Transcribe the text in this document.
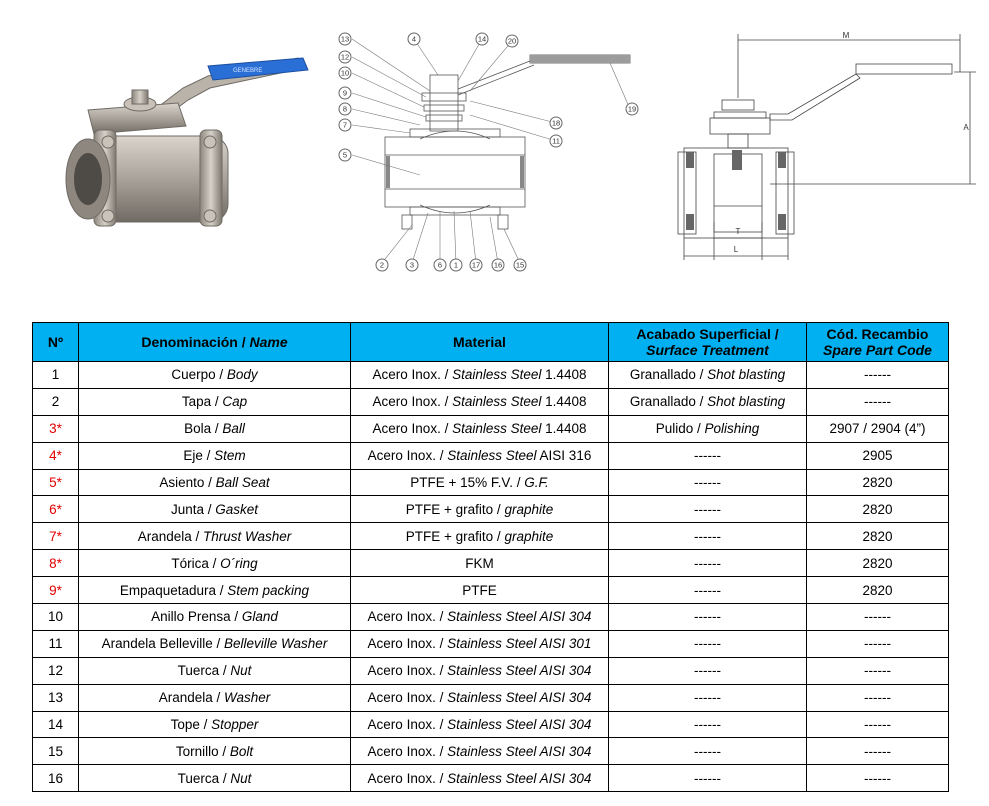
GENEBRE
13
12
10
9
8
7
5
4	14	20
19
18
11
2	3	6 1 17 16 15
M
A
T
L
Nº	Denominación / Name	Material	Acabado Superficial /
Surface Treatment	Cód. Recambio
Spare Part Code
1	Cuerpo / Body	Acero Inox. / Stainless Steel 1.4408	Granallado / Shot blasting	------
2	Tapa / Cap	Acero Inox. / Stainless Steel 1.4408	Granallado / Shot blasting	------
3*	Bola / Ball	Acero Inox. / Stainless Steel 1.4408	Pulido / Polishing	2907 / 2904 (4”)
4*	Eje / Stem	Acero Inox. / Stainless Steel AISI 316	------	2905
5*	Asiento / Ball Seat	PTFE + 15% F.V. / G.F.	------	2820
6*	Junta / Gasket	PTFE + grafito / graphite	------	2820
7*	Arandela / Thrust Washer	PTFE + grafito / graphite	------	2820
8*	Tórica / O´ring	FKM	------	2820
9*	Empaquetadura / Stem packing	PTFE	------	2820
10	Anillo Prensa / Gland	Acero Inox. / Stainless Steel AISI 304	------	------
11	Arandela Belleville / Belleville Washer	Acero Inox. / Stainless Steel AISI 301	------	------
12	Tuerca / Nut	Acero Inox. / Stainless Steel AISI 304	------	------
13	Arandela / Washer	Acero Inox. / Stainless Steel AISI 304	------	------
14	Tope / Stopper	Acero Inox. / Stainless Steel AISI 304	------	------
15	Tornillo / Bolt	Acero Inox. / Stainless Steel AISI 304	------	------
16	Tuerca / Nut	Acero Inox. / Stainless Steel AISI 304	------	------
